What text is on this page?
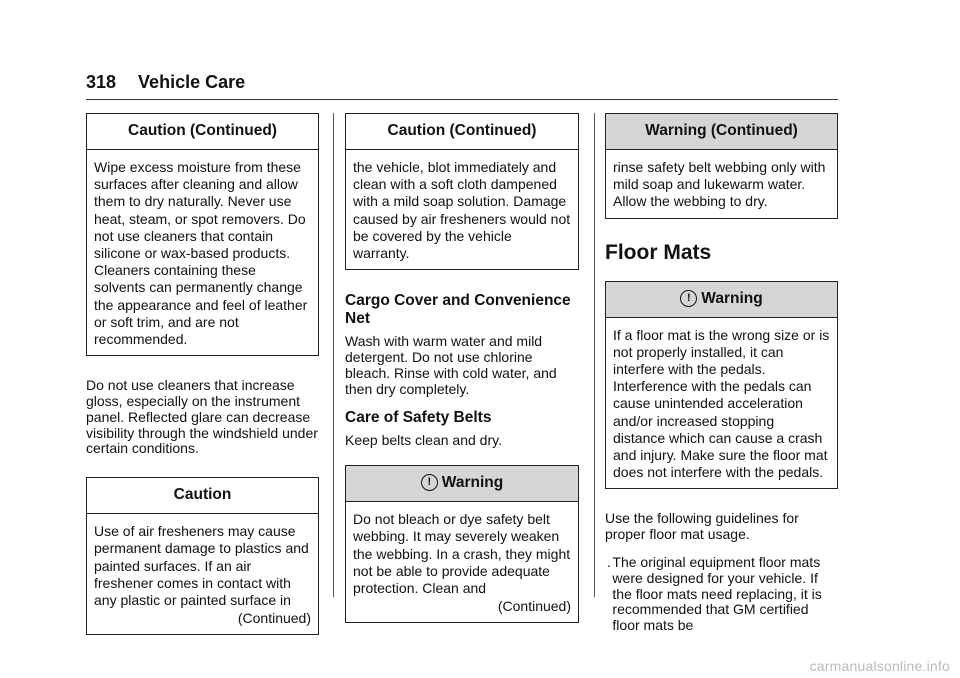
318 Vehicle Care
Caution (Continued)
Wipe excess moisture from these surfaces after cleaning and allow them to dry naturally. Never use heat, steam, or spot removers. Do not use cleaners that contain silicone or wax-based products. Cleaners containing these solvents can permanently change the appearance and feel of leather or soft trim, and are not recommended.
Do not use cleaners that increase gloss, especially on the instrument panel. Reflected glare can decrease visibility through the windshield under certain conditions.
Caution
Use of air fresheners may cause permanent damage to plastics and painted surfaces. If an air freshener comes in contact with any plastic or painted surface in
(Continued)
Caution (Continued)
the vehicle, blot immediately and clean with a soft cloth dampened with a mild soap solution. Damage caused by air fresheners would not be covered by the vehicle warranty.
Cargo Cover and Convenience Net
Wash with warm water and mild detergent. Do not use chlorine bleach. Rinse with cold water, and then dry completely.
Care of Safety Belts
Keep belts clean and dry.
! Warning
Do not bleach or dye safety belt webbing. It may severely weaken the webbing. In a crash, they might not be able to provide adequate protection. Clean and
(Continued)
Warning (Continued)
rinse safety belt webbing only with mild soap and lukewarm water. Allow the webbing to dry.
Floor Mats
! Warning
If a floor mat is the wrong size or is not properly installed, it can interfere with the pedals. Interference with the pedals can cause unintended acceleration and/or increased stopping distance which can cause a crash and injury. Make sure the floor mat does not interfere with the pedals.
Use the following guidelines for proper floor mat usage.
. The original equipment floor mats were designed for your vehicle. If the floor mats need replacing, it is recommended that GM certified floor mats be
carmanualsonline.info
